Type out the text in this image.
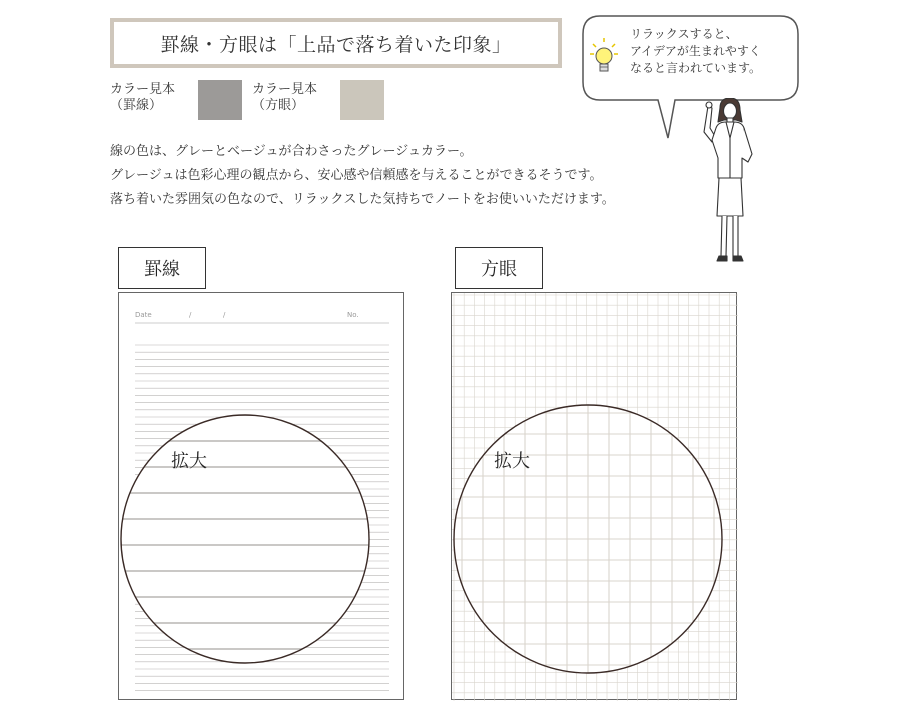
罫線・方眼は「上品で落ち着いた印象」
カラー見本
（罫線）
カラー見本
（方眼）
線の色は、グレーとベージュが合わさったグレージュカラー。
グレージュは色彩心理の観点から、安心感や信頼感を与えることができるそうです。
落ち着いた雰囲気の色なので、リラックスした気持ちでノートをお使いいただけます。
リラックスすると、
アイデアが生まれやすく
なると言われています。
罫線	方眼
Date	/	/	No.
拡大	拡大
